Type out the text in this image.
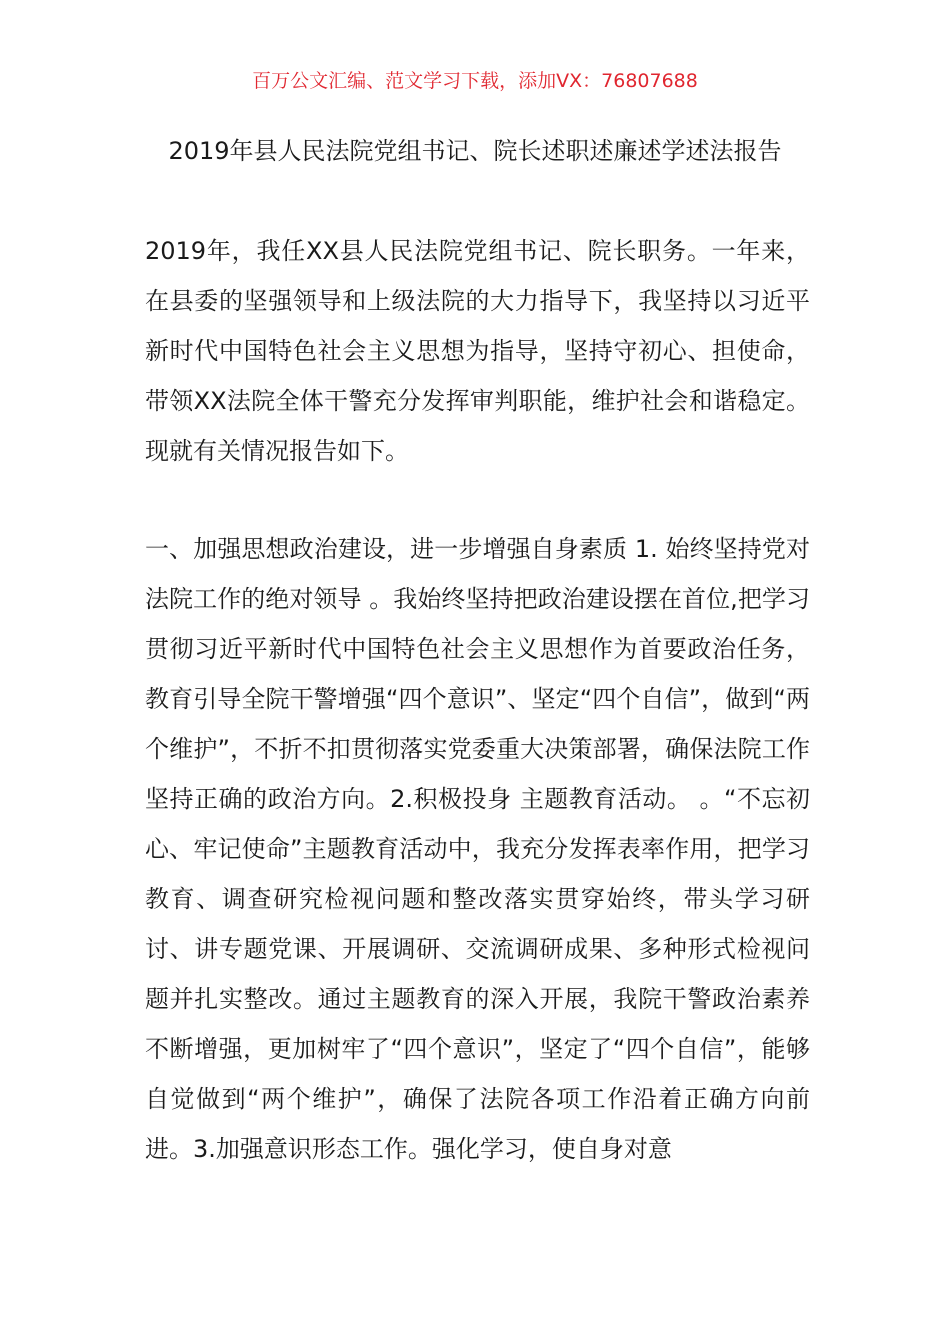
百万公文汇编、范文学习下载，添加VX：76807688
2019年县人民法院党组书记、院长述职述廉述学述法报告

2019年，我任XX县人民法院党组书记、院长职务。一年来，在县委的坚强领导和上级法院的大力指导下，我坚持以习近平新时代中国特色社会主义思想为指导，坚持守初心、担使命，带领XX法院全体干警充分发挥审判职能，维护社会和谐稳定。现就有关情况报告如下。

一、加强思想政治建设，进一步增强自身素质 1. 始终坚持党对法院工作的绝对领导 。我始终坚持把政治建设摆在首位,把学习贯彻习近平新时代中国特色社会主义思想作为首要政治任务，教育引导全院干警增强“四个意识”、坚定“四个自信”，做到“两个维护”，不折不扣贯彻落实党委重大决策部署，确保法院工作坚持正确的政治方向。2.积极投身 主题教育活动。 。“不忘初心、牢记使命”主题教育活动中，我充分发挥表率作用，把学习教育、调查研究检视问题和整改落实贯穿始终，带头学习研讨、讲专题党课、开展调研、交流调研成果、多种形式检视问题并扎实整改。通过主题教育的深入开展，我院干警政治素养不断增强，更加树牢了“四个意识”，坚定了“四个自信”，能够自觉做到“两个维护”，确保了法院各项工作沿着正确方向前进。3.加强意识形态工作。强化学习，使自身对意
